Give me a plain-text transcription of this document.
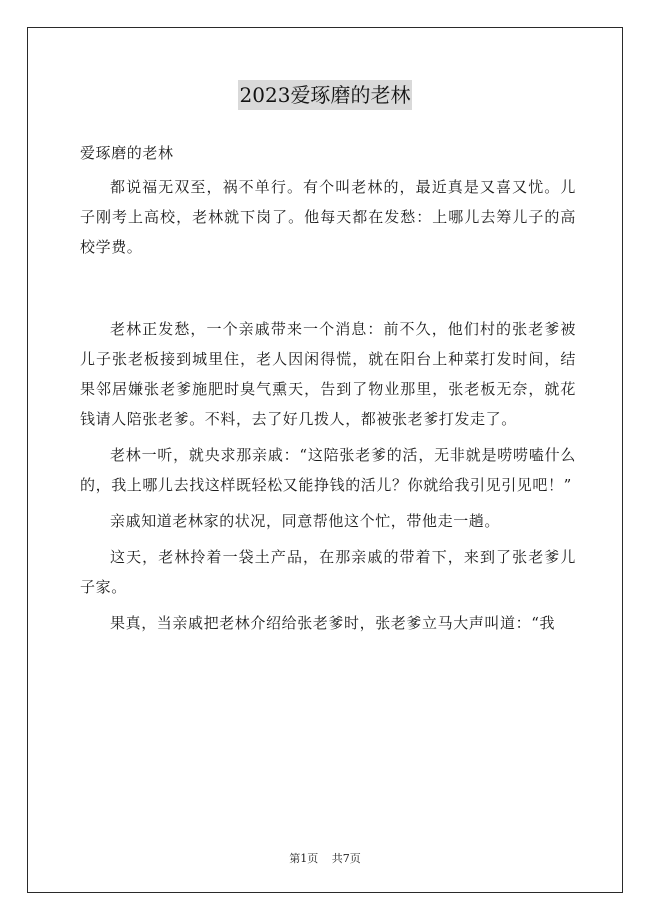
2023爱琢磨的老林

爱琢磨的老林

都说福无双至，祸不单行。有个叫老林的，最近真是又喜又忧。儿子刚考上高校，老林就下岗了。他每天都在发愁：上哪儿去筹儿子的高校学费。

老林正发愁，一个亲戚带来一个消息：前不久，他们村的张老爹被儿子张老板接到城里住，老人因闲得慌，就在阳台上种菜打发时间，结果邻居嫌张老爹施肥时臭气熏天，告到了物业那里，张老板无奈，就花钱请人陪张老爹。不料，去了好几拨人，都被张老爹打发走了。

老林一听，就央求那亲戚：“这陪张老爹的活，无非就是唠唠嗑什么的，我上哪儿去找这样既轻松又能挣钱的活儿？你就给我引见引见吧！”

亲戚知道老林家的状况，同意帮他这个忙，带他走一趟。

这天，老林拎着一袋土产品，在那亲戚的带着下，来到了张老爹儿子家。

果真，当亲戚把老林介绍给张老爹时，张老爹立马大声叫道：“我

第1页 共7页
